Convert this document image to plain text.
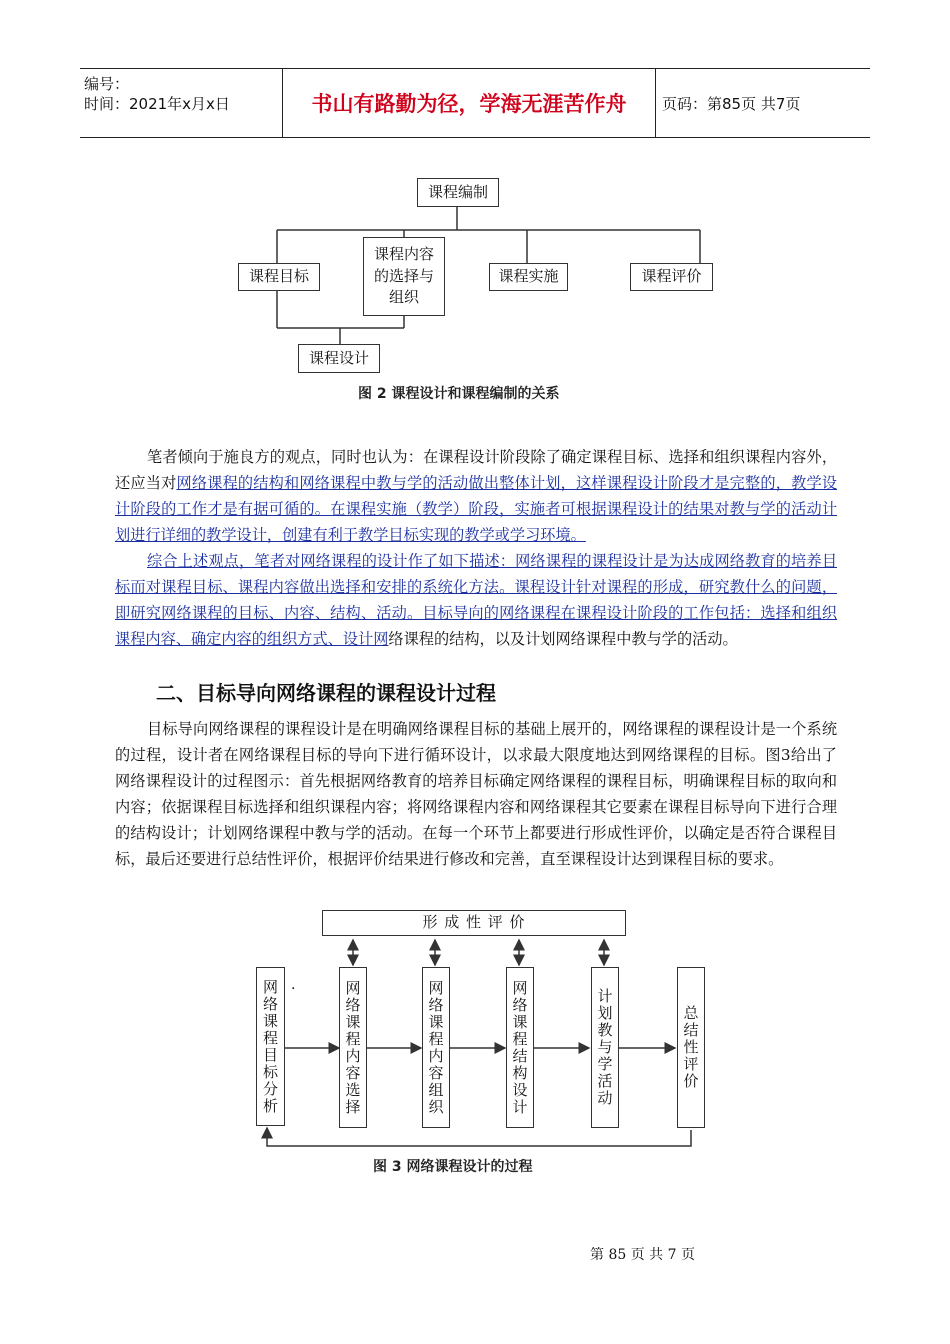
编号：
时间：2021年x月x日	书山有路勤为径，学海无涯苦作舟	页码：第85页 共7页
课程编制
课程目标
课程内容
的选择与
组织
课程实施	课程评价
课程设计
图 2 课程设计和课程编制的关系

笔者倾向于施良方的观点，同时也认为：在课程设计阶段除了确定课程目标、选择和组织课程内容外，还应当对网络课程的结构和网络课程中教与学的活动做出整体计划，这样课程设计阶段才是完整的，教学设计阶段的工作才是有据可循的。在课程实施（教学）阶段，实施者可根据课程设计的结果对教与学的活动计划进行详细的教学设计，创建有利于教学目标实现的教学或学习环境。

综合上述观点，笔者对网络课程的设计作了如下描述：网络课程的课程设计是为达成网络教育的培养目标而对课程目标、课程内容做出选择和安排的系统化方法。课程设计针对课程的形成，研究教什么的问题，即研究网络课程的目标、内容、结构、活动。目标导向的网络课程在课程设计阶段的工作包括：选择和组织课程内容、确定内容的组织方式、设计网络课程的结构，以及计划网络课程中教与学的活动。

二、目标导向网络课程的课程设计过程

目标导向网络课程的课程设计是在明确网络课程目标的基础上展开的，网络课程的课程设计是一个系统的过程，设计者在网络课程目标的导向下进行循环设计，以求最大限度地达到网络课程的目标。图3给出了网络课程设计的过程图示：首先根据网络教育的培养目标确定网络课程的课程目标，明确课程目标的取向和内容；依据课程目标选择和组织课程内容；将网络课程内容和网络课程其它要素在课程目标导向下进行合理的结构设计；计划网络课程中教与学的活动。在每一个环节上都要进行形成性评价，以确定是否符合课程目标，最后还要进行总结性评价，根据评价结果进行修改和完善，直至课程设计达到课程目标的要求。

形 成 性 评 价
网络课程目标分析	网络课程内容选择	网络课程内容组织	网络课程结构设计	计划教与学活动	总结性评价
·
图 3 网络课程设计的过程
第 85 页 共 7 页
